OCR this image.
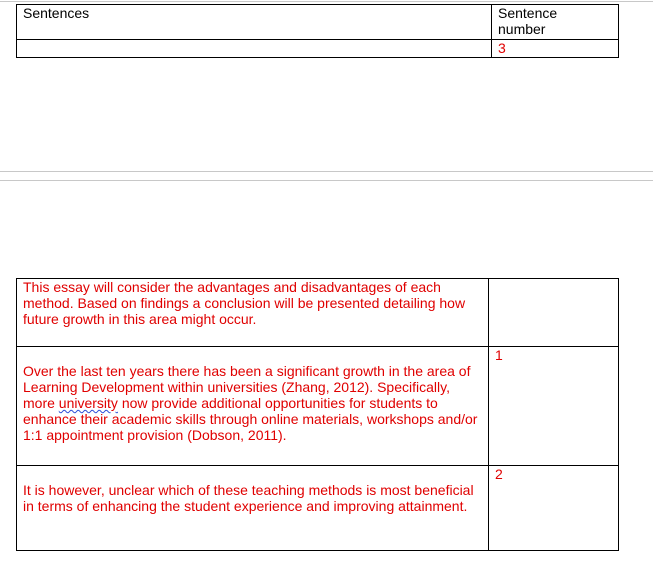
Sentences	Sentence
number
	3
This essay will consider the advantages and disadvantages of each method. Based on findings a conclusion will be presented detailing how future growth in this area might occur.	

Over the last ten years there has been a significant growth in the area of Learning Development within universities (Zhang, 2012). Specifically, more university now provide additional opportunities for students to enhance their academic skills through online materials, workshops and/or 1:1 appointment provision (Dobson, 2011).	1

It is however, unclear which of these teaching methods is most beneficial in terms of enhancing the student experience and improving attainment.	2
